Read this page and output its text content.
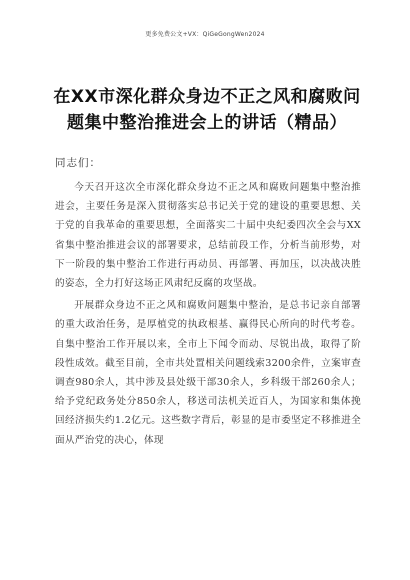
更多免费公文+VX：QiGeGongWen2024
在XX市深化群众身边不正之风和腐败问题集中整治推进会上的讲话（精品）
同志们：

今天召开这次全市深化群众身边不正之风和腐败问题集中整治推进会，主要任务是深入贯彻落实总书记关于党的建设的重要思想、关于党的自我革命的重要思想，全面落实二十届中央纪委四次全会与XX省集中整治推进会议的部署要求，总结前段工作，分析当前形势，对下一阶段的集中整治工作进行再动员、再部署、再加压，以决战决胜的姿态，全力打好这场正风肃纪反腐的攻坚战。

开展群众身边不正之风和腐败问题集中整治，是总书记亲自部署的重大政治任务，是厚植党的执政根基、赢得民心所向的时代考卷。自集中整治工作开展以来，全市上下闻令而动、尽锐出战，取得了阶段性成效。截至目前，全市共处置相关问题线索3200余件，立案审查调查980余人，其中涉及县处级干部30余人，乡科级干部260余人；给予党纪政务处分850余人，移送司法机关近百人，为国家和集体挽回经济损失约1.2亿元。这些数字背后，彰显的是市委坚定不移推进全面从严治党的决心，体现
